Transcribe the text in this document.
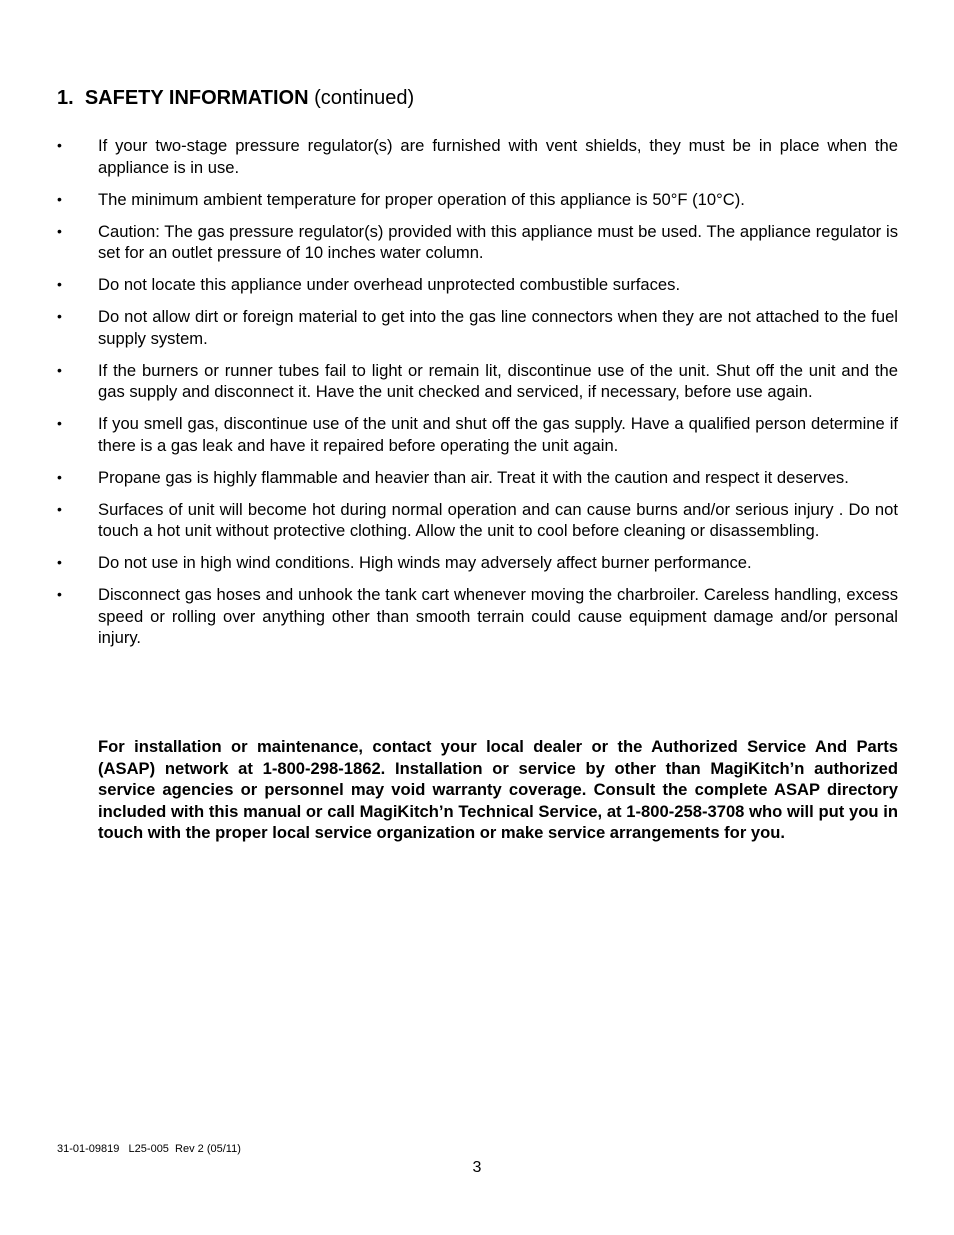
1. SAFETY INFORMATION (continued)
• If your two-stage pressure regulator(s) are furnished with vent shields, they must be in place when the appliance is in use.
• The minimum ambient temperature for proper operation of this appliance is 50°F (10°C).
• Caution: The gas pressure regulator(s) provided with this appliance must be used. The appliance regulator is set for an outlet pressure of 10 inches water column.
• Do not locate this appliance under overhead unprotected combustible surfaces.
• Do not allow dirt or foreign material to get into the gas line connectors when they are not attached to the fuel supply system.
• If the burners or runner tubes fail to light or remain lit, discontinue use of the unit. Shut off the unit and the gas supply and disconnect it. Have the unit checked and serviced, if necessary, before use again.
• If you smell gas, discontinue use of the unit and shut off the gas supply. Have a qualified person determine if there is a gas leak and have it repaired before operating the unit again.
• Propane gas is highly flammable and heavier than air. Treat it with the caution and respect it deserves.
• Surfaces of unit will become hot during normal operation and can cause burns and/or serious injury . Do not touch a hot unit without protective clothing. Allow the unit to cool before cleaning or disassembling.
• Do not use in high wind conditions. High winds may adversely affect burner performance.
• Disconnect gas hoses and unhook the tank cart whenever moving the charbroiler. Careless handling, excess speed or rolling over anything other than smooth terrain could cause equipment damage and/or personal injury.

For installation or maintenance, contact your local dealer or the Authorized Service And Parts (ASAP) network at 1-800-298-1862. Installation or service by other than MagiKitch’n authorized service agencies or personnel may void warranty coverage. Consult the complete ASAP directory included with this manual or call MagiKitch’n Technical Service, at 1-800-258-3708 who will put you in touch with the proper local service organization or make service arrangements for you.

31-01-09819   L25-005  Rev 2 (05/11)
3
